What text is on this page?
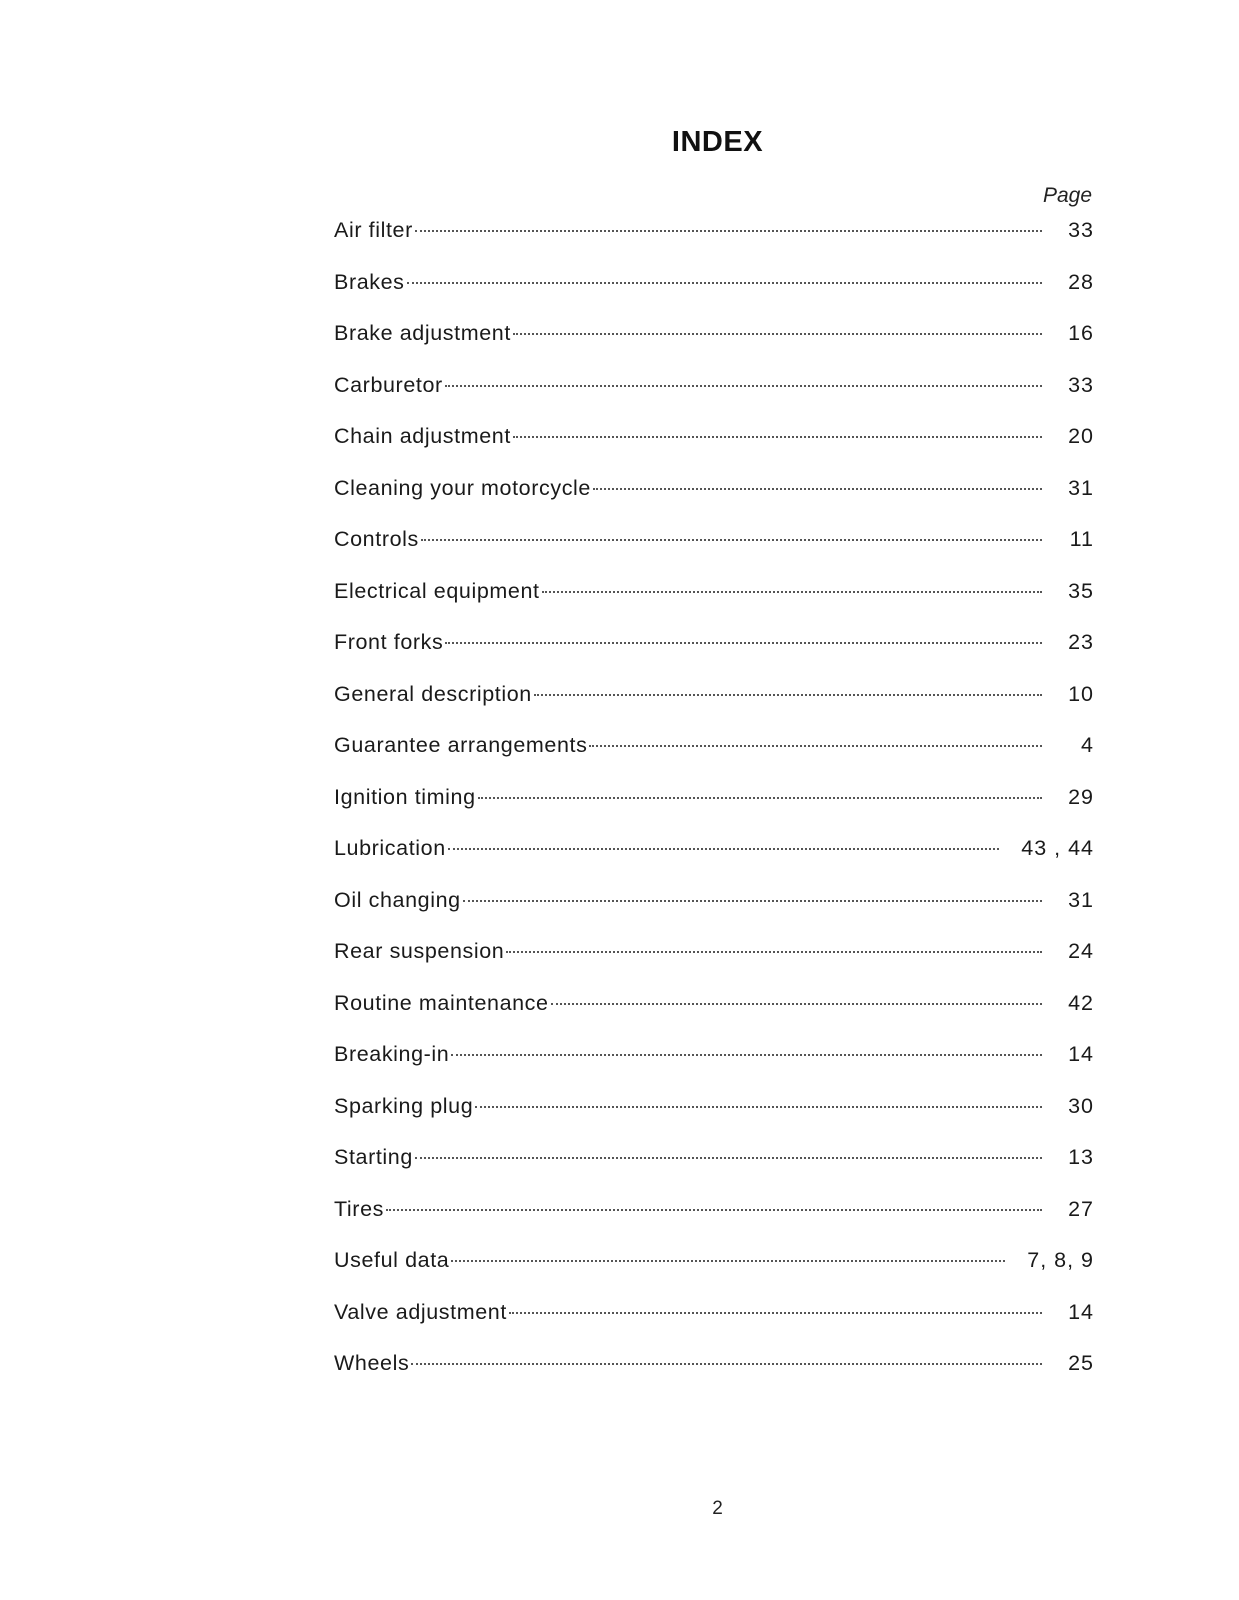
INDEX
Page
Air filter	33
Brakes	28
Brake adjustment	16
Carburetor	33
Chain adjustment	20
Cleaning your motorcycle	31
Controls	11
Electrical equipment	35
Front forks	23
General description	10
Guarantee arrangements	4
Ignition timing	29
Lubrication	43 , 44
Oil changing	31
Rear suspension	24
Routine maintenance	42
Breaking-in	14
Sparking plug	30
Starting	13
Tires	27
Useful data	7, 8, 9
Valve adjustment	14
Wheels	25
2
